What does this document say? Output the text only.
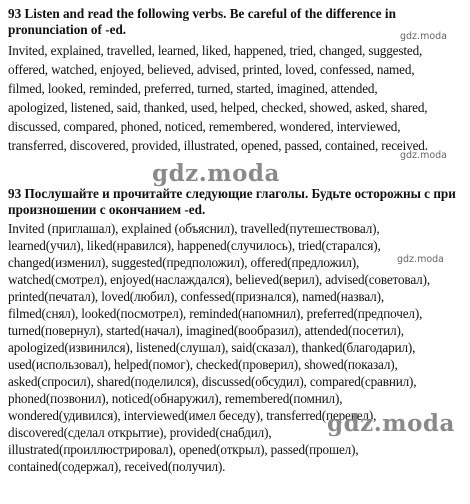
93 Listen and read the following verbs. Be careful of the difference in pronunciation of -ed.
Invited, explained, travelled, learned, liked, happened, tried, changed, suggested,
offered, watched, enjoyed, believed, advised, printed, loved, confessed, named,
filmed, looked, reminded, preferred, turned, started, imagined, attended,
apologized, listened, said, thanked, used, helped, checked, showed, asked, shared,
discussed, compared, phoned, noticed, remembered, wondered, interviewed,
transferred, discovered, provided, illustrated, opened, passed, contained, received.
93 Послушайте и прочитайте следующие глаголы. Будьте осторожны с при произношении с окончанием -ed.
Invited (приглашал), explained (объяснил), travelled(путешествовал),
learned(учил), liked(нравился), happened(случилось), tried(старался),
changed(изменил), suggested(предположил), offered(предложил),
watched(смотрел), enjoyed(наслаждался), believed(верил), advised(советовал),
printed(печатал), loved(любил), confessed(признался), named(назвал),
filmed(снял), looked(посмотрел), reminded(напомнил), preferred(предпочел),
turned(повернул), started(начал), imagined(вообразил), attended(посетил),
apologized(извинился), listened(слушал), said(сказал), thanked(благодарил),
used(использовал), helped(помог), checked(проверил), showed(показал),
asked(спросил), shared(поделился), discussed(обсудил), compared(сравнил),
phoned(позвонил), noticed(обнаружил), remembered(помнил),
wondered(удивился), interviewed(имел беседу), transferred(перевел),
discovered(сделал открытие), provided(снабдил),
illustrated(проиллюстрировал), opened(открыл), passed(прошел),
contained(содержал), received(получил).
gdz.moda
gdz.moda
gdz.moda
gdz.moda
gdz.moda
